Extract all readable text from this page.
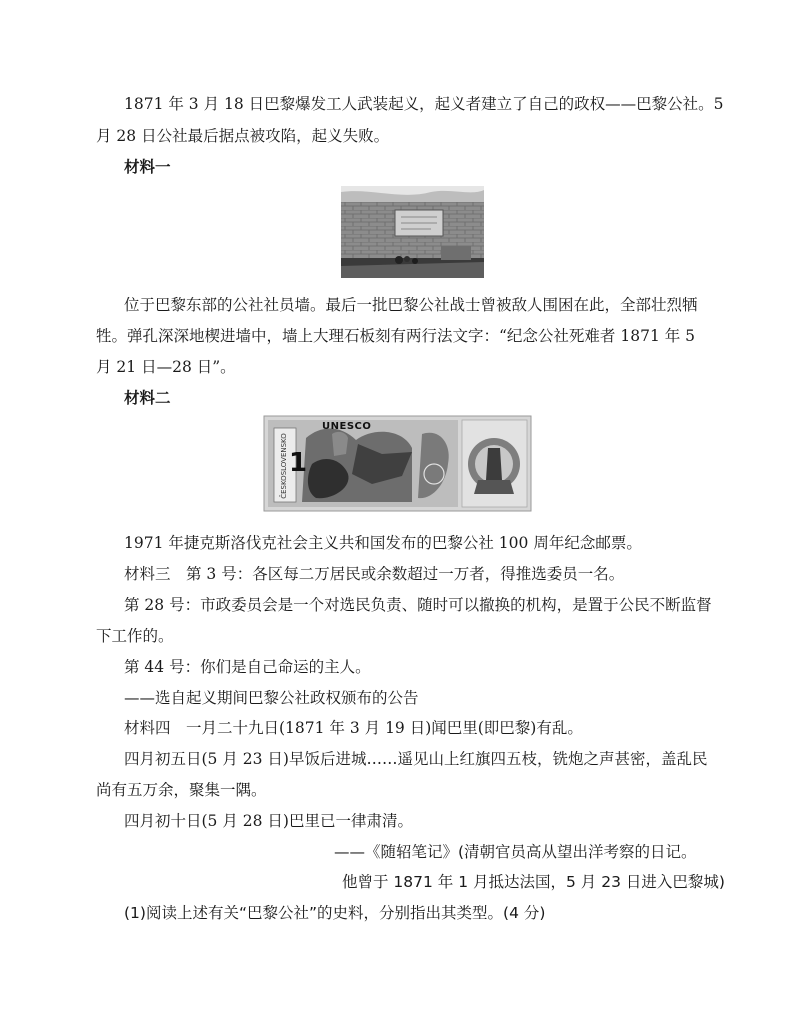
1871 年 3 月 18 日巴黎爆发工人武装起义，起义者建立了自己的政权——巴黎公社。5
月 28 日公社最后据点被攻陷，起义失败。
材料一
位于巴黎东部的公社社员墙。最后一批巴黎公社战士曾被敌人围困在此，全部壮烈牺
牲。弹孔深深地楔进墙中，墙上大理石板刻有两行法文字：“纪念公社死难者 1871 年 5
月 21 日—28 日”。
材料二
UNESCO
1
ČESKOSLOVENSKO
1971 年捷克斯洛伐克社会主义共和国发布的巴黎公社 100 周年纪念邮票。
材料三　第 3 号：各区每二万居民或余数超过一万者，得推选委员一名。
第 28 号：市政委员会是一个对选民负责、随时可以撤换的机构，是置于公民不断监督
下工作的。
第 44 号：你们是自己命运的主人。
——选自起义期间巴黎公社政权颁布的公告
材料四　一月二十九日(1871 年 3 月 19 日)闻巴里(即巴黎)有乱。
四月初五日(5 月 23 日)早饭后进城……遥见山上红旗四五枝，铣炮之声甚密，盖乱民
尚有五万余，聚集一隅。
四月初十日(5 月 28 日)巴里已一律肃清。
——《随轺笔记》(清朝官员高从望出洋考察的日记。
他曾于 1871 年 1 月抵达法国，5 月 23 日进入巴黎城)
(1)阅读上述有关“巴黎公社”的史料，分别指出其类型。(4 分)
